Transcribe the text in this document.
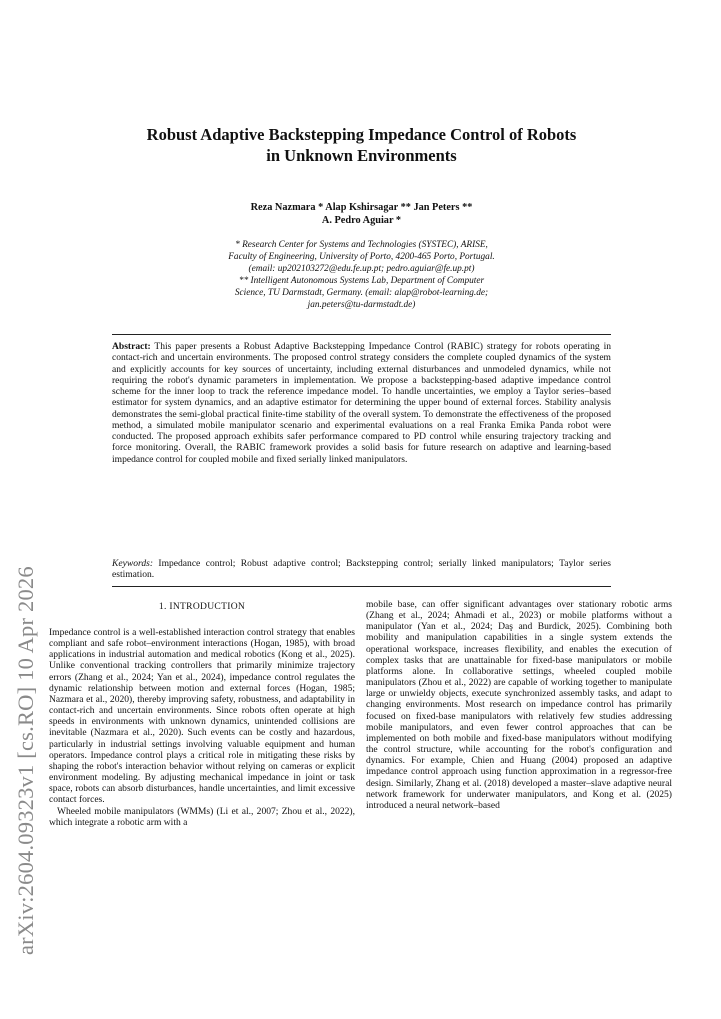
arXiv:2604.09323v1 [cs.RO] 10 Apr 2026
Robust Adaptive Backstepping Impedance Control of Robots in Unknown Environments
Reza Nazmara * Alap Kshirsagar ** Jan Peters **
A. Pedro Aguiar *
* Research Center for Systems and Technologies (SYSTEC), ARISE,
Faculty of Engineering, University of Porto, 4200-465 Porto, Portugal.
(email: up202103272@edu.fe.up.pt; pedro.aguiar@fe.up.pt)
** Intelligent Autonomous Systems Lab, Department of Computer
Science, TU Darmstadt, Germany. (email: alap@robot-learning.de;
jan.peters@tu-darmstadt.de)
Abstract: This paper presents a Robust Adaptive Backstepping Impedance Control (RABIC) strategy for robots operating in contact-rich and uncertain environments. The proposed control strategy considers the complete coupled dynamics of the system and explicitly accounts for key sources of uncertainty, including external disturbances and unmodeled dynamics, while not requiring the robot's dynamic parameters in implementation. We propose a backstepping-based adaptive impedance control scheme for the inner loop to track the reference impedance model. To handle uncertainties, we employ a Taylor series–based estimator for system dynamics, and an adaptive estimator for determining the upper bound of external forces. Stability analysis demonstrates the semi-global practical finite-time stability of the overall system. To demonstrate the effectiveness of the proposed method, a simulated mobile manipulator scenario and experimental evaluations on a real Franka Emika Panda robot were conducted. The proposed approach exhibits safer performance compared to PD control while ensuring trajectory tracking and force monitoring. Overall, the RABIC framework provides a solid basis for future research on adaptive and learning-based impedance control for coupled mobile and fixed serially linked manipulators.
Keywords: Impedance control; Robust adaptive control; Backstepping control; serially linked manipulators; Taylor series estimation.
1. INTRODUCTION

Impedance control is a well-established interaction control strategy that enables compliant and safe robot–environment interactions (Hogan, 1985), with broad applications in industrial automation and medical robotics (Kong et al., 2025). Unlike conventional tracking controllers that primarily minimize trajectory errors (Zhang et al., 2024; Yan et al., 2024), impedance control regulates the dynamic relationship between motion and external forces (Hogan, 1985; Nazmara et al., 2020), thereby improving safety, robustness, and adaptability in contact-rich and uncertain environments. Since robots often operate at high speeds in environments with unknown dynamics, unintended collisions are inevitable (Nazmara et al., 2020). Such events can be costly and hazardous, particularly in industrial settings involving valuable equipment and human operators. Impedance control plays a critical role in mitigating these risks by shaping the robot's interaction behavior without relying on cameras or explicit environment modeling. By adjusting mechanical impedance in joint or task space, robots can absorb disturbances, handle uncertainties, and limit excessive contact forces.

Wheeled mobile manipulators (WMMs) (Li et al., 2007; Zhou et al., 2022), which integrate a robotic arm with a

mobile base, can offer significant advantages over stationary robotic arms (Zhang et al., 2024; Ahmadi et al., 2023) or mobile platforms without a manipulator (Yan et al., 2024; Daş and Burdick, 2025). Combining both mobility and manipulation capabilities in a single system extends the operational workspace, increases flexibility, and enables the execution of complex tasks that are unattainable for fixed-base manipulators or mobile platforms alone. In collaborative settings, wheeled coupled mobile manipulators (Zhou et al., 2022) are capable of working together to manipulate large or unwieldy objects, execute synchronized assembly tasks, and adapt to changing environments. Most research on impedance control has primarily focused on fixed-base manipulators with relatively few studies addressing mobile manipulators, and even fewer control approaches that can be implemented on both mobile and fixed-base manipulators without modifying the control structure, while accounting for the robot's configuration and dynamics. For example, Chien and Huang (2004) proposed an adaptive impedance control approach using function approximation in a regressor-free design. Similarly, Zhang et al. (2018) developed a master–slave adaptive neural network framework for underwater manipulators, and Kong et al. (2025) introduced a neural network–based
